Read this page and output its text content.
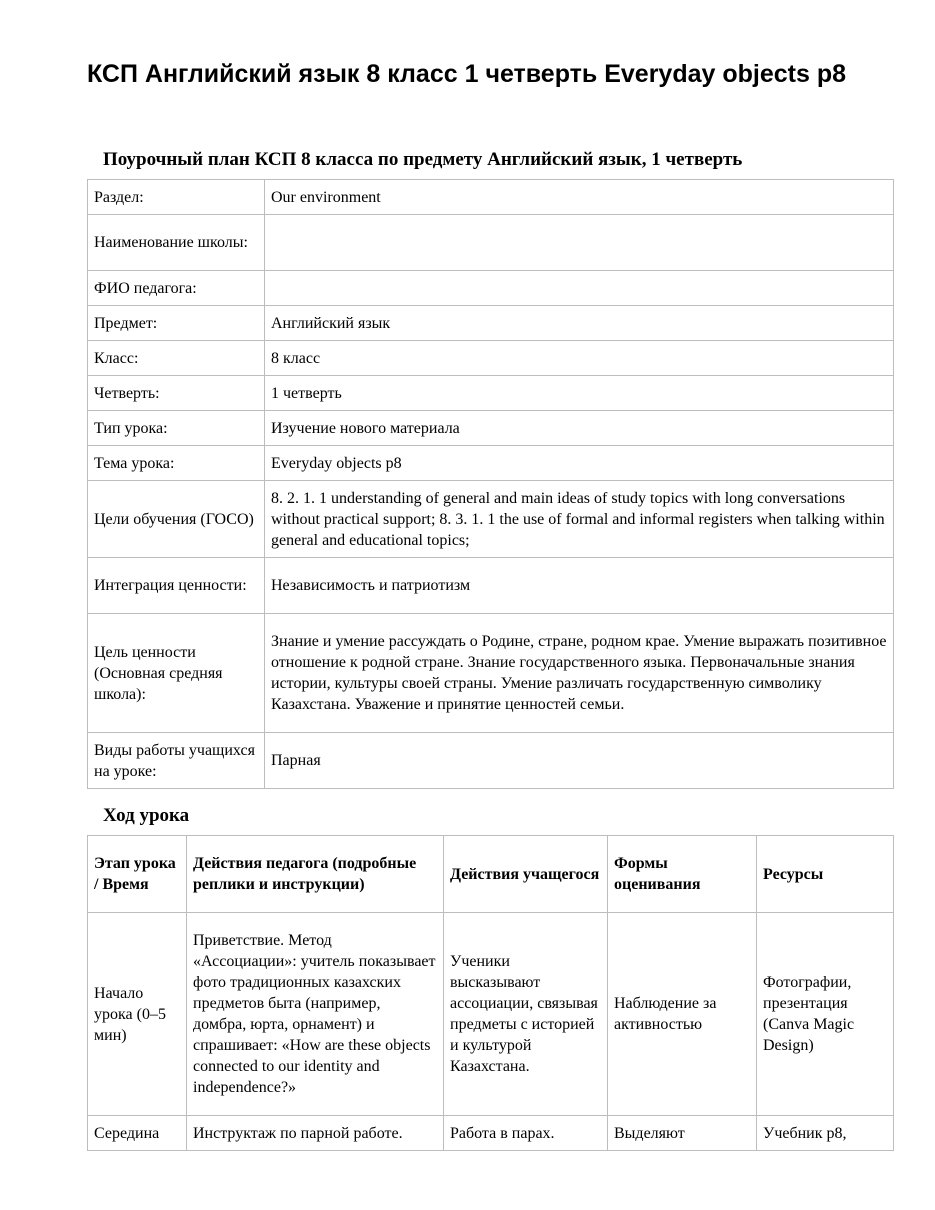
КСП Английский язык 8 класс 1 четверть Everyday objects p8
Поурочный план КСП 8 класса по предмету Английский язык, 1 четверть
Раздел:	Our environment
Наименование школы:	
ФИО педагога:	
Предмет:	Английский язык
Класс:	8 класс
Четверть:	1 четверть
Тип урока:	Изучение нового материала
Тема урока:	Everyday objects p8
Цели обучения (ГОСО)	8. 2. 1. 1 understanding of general and main ideas of study topics with long conversations without practical support; 8. 3. 1. 1 the use of formal and informal registers when talking within general and educational topics;
Интеграция ценности:	Независимость и патриотизм
Цель ценности (Основная средняя школа):	Знание и умение рассуждать о Родине, стране, родном крае. Умение выражать позитивное отношение к родной стране. Знание государственного языка. Первоначальные знания истории, культуры своей страны. Умение различать государственную символику Казахстана. Уважение и принятие ценностей семьи.
Виды работы учащихся на уроке:	Парная
Ход урока
Этап урока / Время	Действия педагога (подробные реплики и инструкции)	Действия учащегося	Формы оценивания	Ресурсы
Начало урока (0–5 мин)	Приветствие. Метод «Ассоциации»: учитель показывает фото традиционных казахских предметов быта (например, домбра, юрта, орнамент) и спрашивает: «How are these objects connected to our identity and independence?»	Ученики высказывают ассоциации, связывая предметы с историей и культурой Казахстана.	Наблюдение за активностью	Фотографии, презентация (Canva Magic Design)
Середина	Инструктаж по парной работе.	Работа в парах.	Выделяют	Учебник p8,
